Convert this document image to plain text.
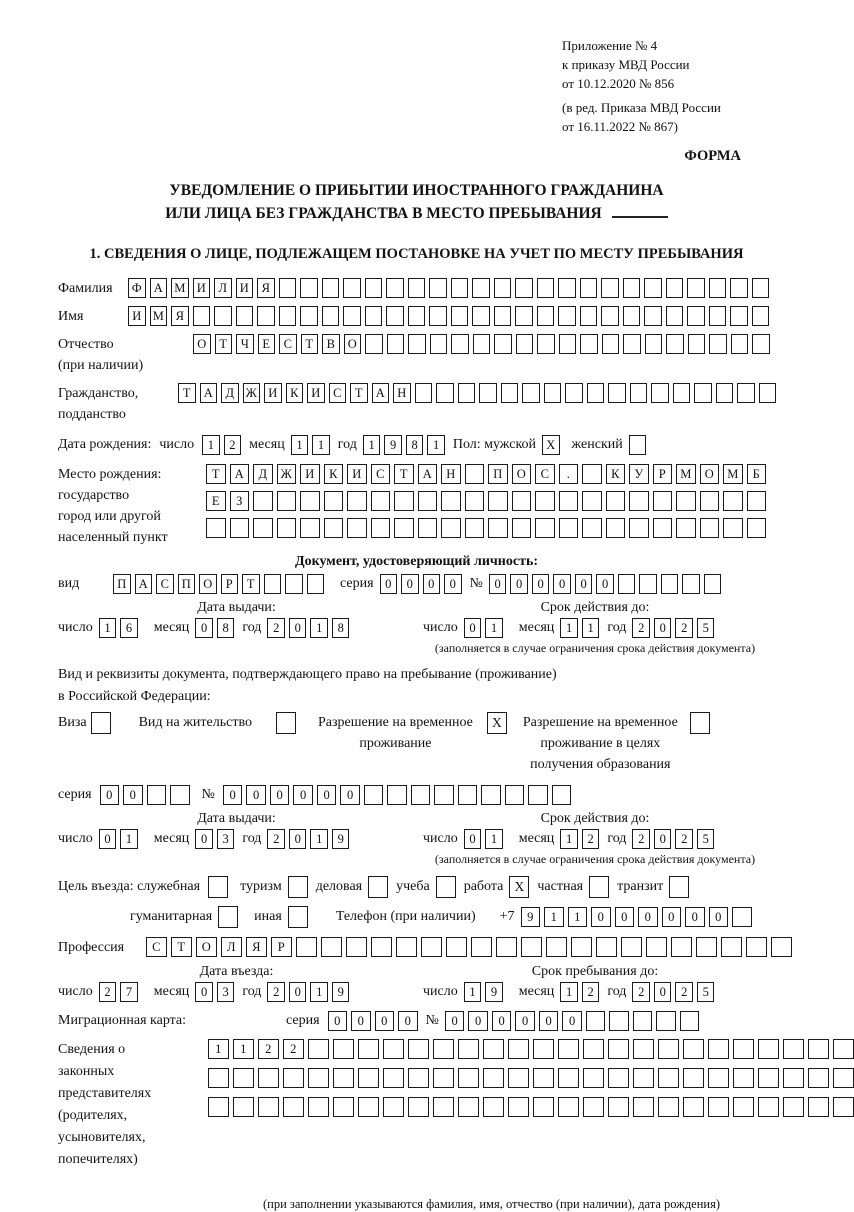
Приложение № 4
к приказу МВД России
от 10.12.2020 № 856
(в ред. Приказа МВД России
от 16.11.2022 № 867)
ФОРМА
УВЕДОМЛЕНИЕ О ПРИБЫТИИ ИНОСТРАННОГО ГРАЖДАНИНА
ИЛИ ЛИЦА БЕЗ ГРАЖДАНСТВА В МЕСТО ПРЕБЫВАНИЯ
1. СВЕДЕНИЯ О ЛИЦЕ, ПОДЛЕЖАЩЕМ ПОСТАНОВКЕ НА УЧЕТ ПО МЕСТУ ПРЕБЫВАНИЯ
Фамилия	Ф А М И	Л	И	Я
Имя	И М Я
Отчество
(при наличии)
О	Т	Ч	Е	С	Т	В	О
Гражданство,
подданство
Т	А	Д Ж И	К	И	С	Т	А Н
Дата рождения: число	1	2 месяц 1	1 год 1	9	8	1 Пол: мужской X	женский
Место рождения:
государство
город или другой
населенный пункт
Т	А	Д	Ж	И	К	И	С	Т	А	Н	П	О	С	.	К	У	Р	М	О	М	Б
Е	З
Документ, удостоверяющий личность:
вид	П А	С	П О	Р	Т	серия 0	0	0	0 № 0	0	0	0	0	0
Дата выдачи:
число 1	6	месяц 0	8 год 2	0	1	8
Срок действия до:
число 0	1	месяц 1	1 год 2	0	2	5
(заполняется в случае ограничения срока действия документа)
Вид и реквизиты документа, подтверждающего право на пребывание (проживание)
в Российской Федерации:
Виза	Вид на жительство	Разрешение на временное
проживание
X	Разрешение на временное
проживание в целях
получения образования
серия	0	0	№	0	0	0	0	0	0
Дата выдачи:
число 0	1	месяц 0	3 год 2	0	1	9
Срок действия до:
число 0	1	месяц 1	2 год 2	0	2	5
(заполняется в случае ограничения срока действия документа)
Цель въезда: служебная	туризм деловая учеба работа X частная транзит
гуманитарная	иная	Телефон (при наличии) +7	9	1	1	0	0	0	0	0	0
Профессия	С	Т	О	Л	Я	Р
Дата въезда:
число 2	7	месяц 0	3 год 2	0	1	9
Срок пребывания до:
число 1	9	месяц 1	2 год 2	0	2	5
Миграционная карта:	серия	0	0	0	0	№	0	0	0	0	0	0
Сведения о
законных
представителях
(родителях,
усыновителях,
попечителях)
1	1	2	2
(при заполнении указываются фамилия, имя, отчество (при наличии), дата рождения)
